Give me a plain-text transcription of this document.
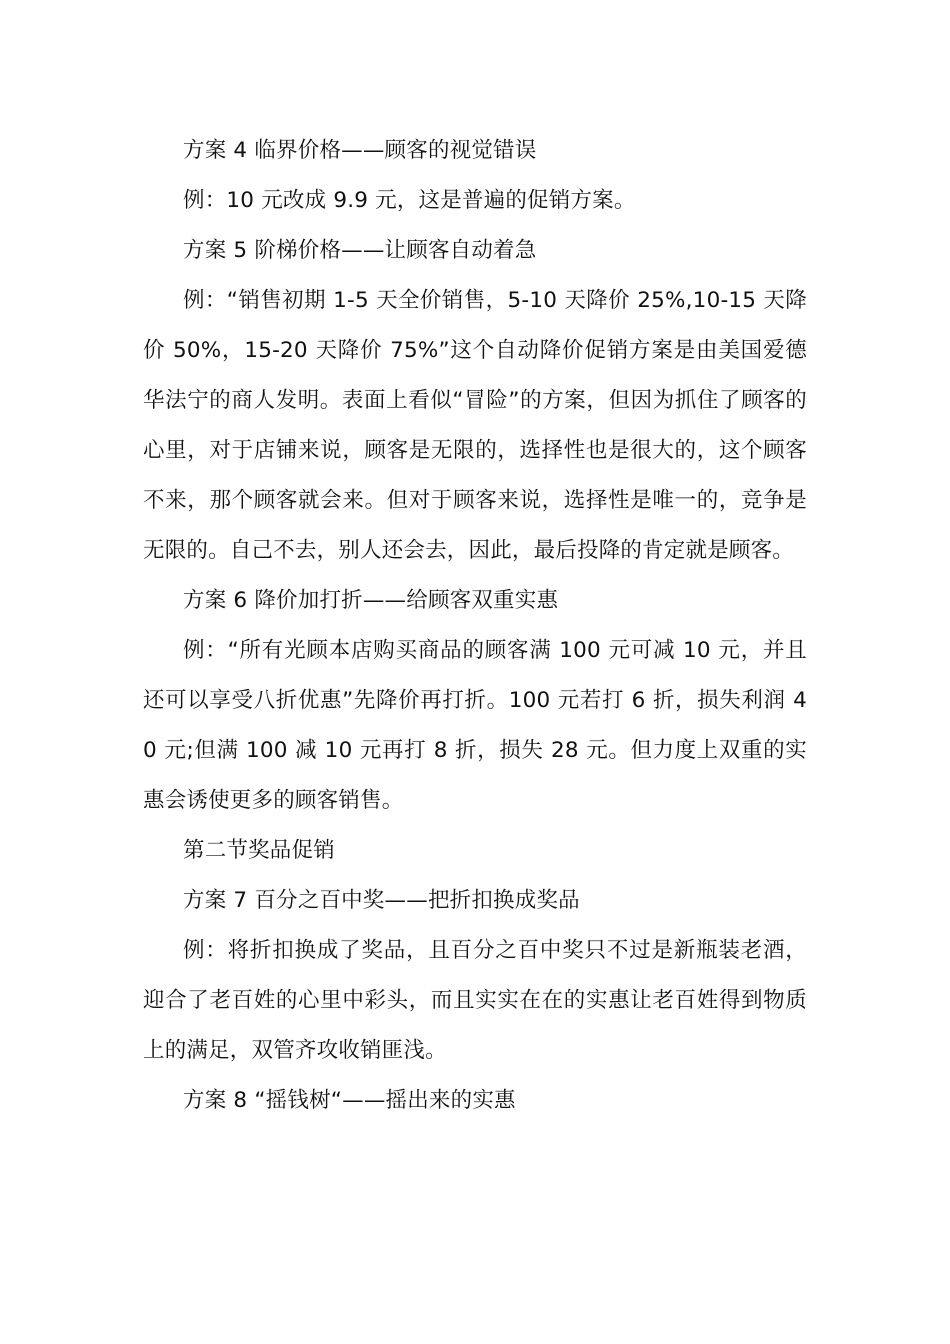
方案 4 临界价格——顾客的视觉错误

例：10 元改成 9.9 元，这是普遍的促销方案。

方案 5 阶梯价格——让顾客自动着急

例：“销售初期 1-5 天全价销售，5-10 天降价 25%,10-15 天降价 50%，15-20 天降价 75%”这个自动降价促销方案是由美国爱德华法宁的商人发明。表面上看似“冒险”的方案，但因为抓住了顾客的心里，对于店铺来说，顾客是无限的，选择性也是很大的，这个顾客不来，那个顾客就会来。但对于顾客来说，选择性是唯一的，竞争是无限的。自己不去，别人还会去，因此，最后投降的肯定就是顾客。

方案 6 降价加打折——给顾客双重实惠

例：“所有光顾本店购买商品的顾客满 100 元可减 10 元，并且还可以享受八折优惠”先降价再打折。100 元若打 6 折，损失利润 40 元;但满 100 减 10 元再打 8 折，损失 28 元。但力度上双重的实惠会诱使更多的顾客销售。

第二节奖品促销

方案 7 百分之百中奖——把折扣换成奖品

例：将折扣换成了奖品，且百分之百中奖只不过是新瓶装老酒，迎合了老百姓的心里中彩头，而且实实在在的实惠让老百姓得到物质上的满足，双管齐攻收销匪浅。

方案 8 “摇钱树“——摇出来的实惠
